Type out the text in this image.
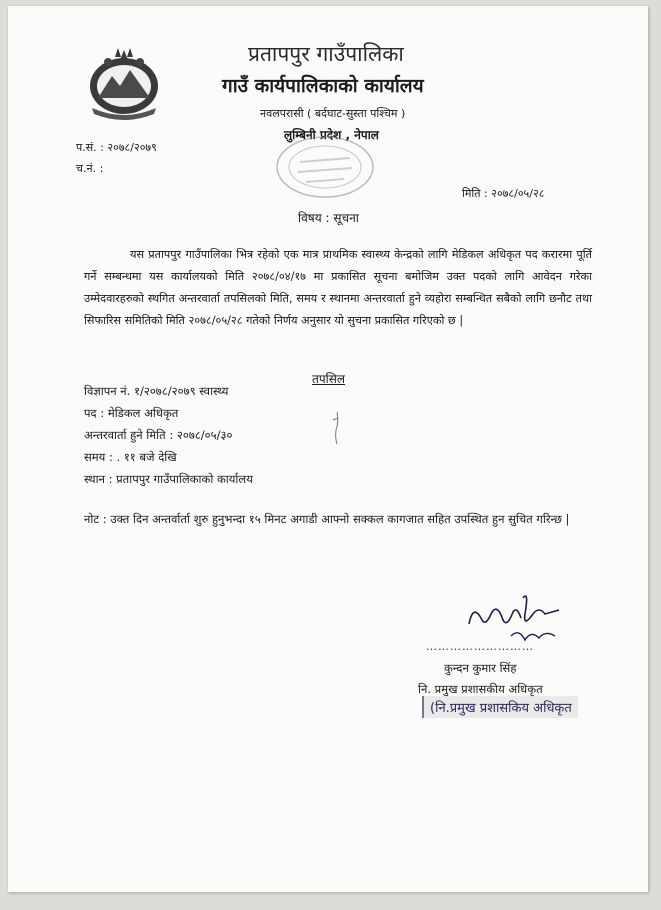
प्रतापपुर गाउँपालिका
गाउँ कार्यपालिकाको कार्यालय
नवलपरासी ( बर्दघाट-सुस्ता पश्चिम )
लुम्बिनी प्रदेश , नेपाल
प.सं. : २०७८/२०७९
च.नं. :
मिति : २०७८/०५/२८
विषय : सूचना

यस प्रतापपुर गाउँपालिका भित्र रहेको एक मात्र प्राथमिक स्वास्थ्य केन्द्रको लागि मेडिकल अधिकृत पद करारमा पूर्ति गर्ने सम्बन्धमा यस कार्यालयको मिति २०७८/०४/१७ मा प्रकासित सूचना बमोजिम उक्त पदको लागि आवेदन गरेका उम्मेदवारहरुको स्थगित अन्तरवार्ता तपसिलको मिति, समय र स्थानमा अन्तरवार्ता हुने व्यहोरा सम्बन्धित सबैको लागि छनौट तथा सिफारिस समितिको मिति २०७८/०५/२८ गतेको निर्णय अनुसार यो सुचना प्रकासित गरिएको छ |

तपसिल
विज्ञापन नं. १/२०७८/२०७९ स्वास्थ्य
पद : मेडिकल अधिकृत
अन्तरवार्ता हुने मिति : २०७८/०५/३०
समय : . ११ बजे देखि
स्थान : प्रतापपुर गाउँपालिकाको कार्यालय

नोट : उक्त दिन अन्तर्वार्ता शुरु हुनुभन्दा १५ मिनट अगाडी आफ्नो सक्कल कागजात सहित उपस्थित हुन सुचित गरिन्छ |

………………………
कुन्दन कुमार सिंह
नि. प्रमुख प्रशासकीय अधिकृत
(नि.प्रमुख प्रशासकिय अधिकृत
